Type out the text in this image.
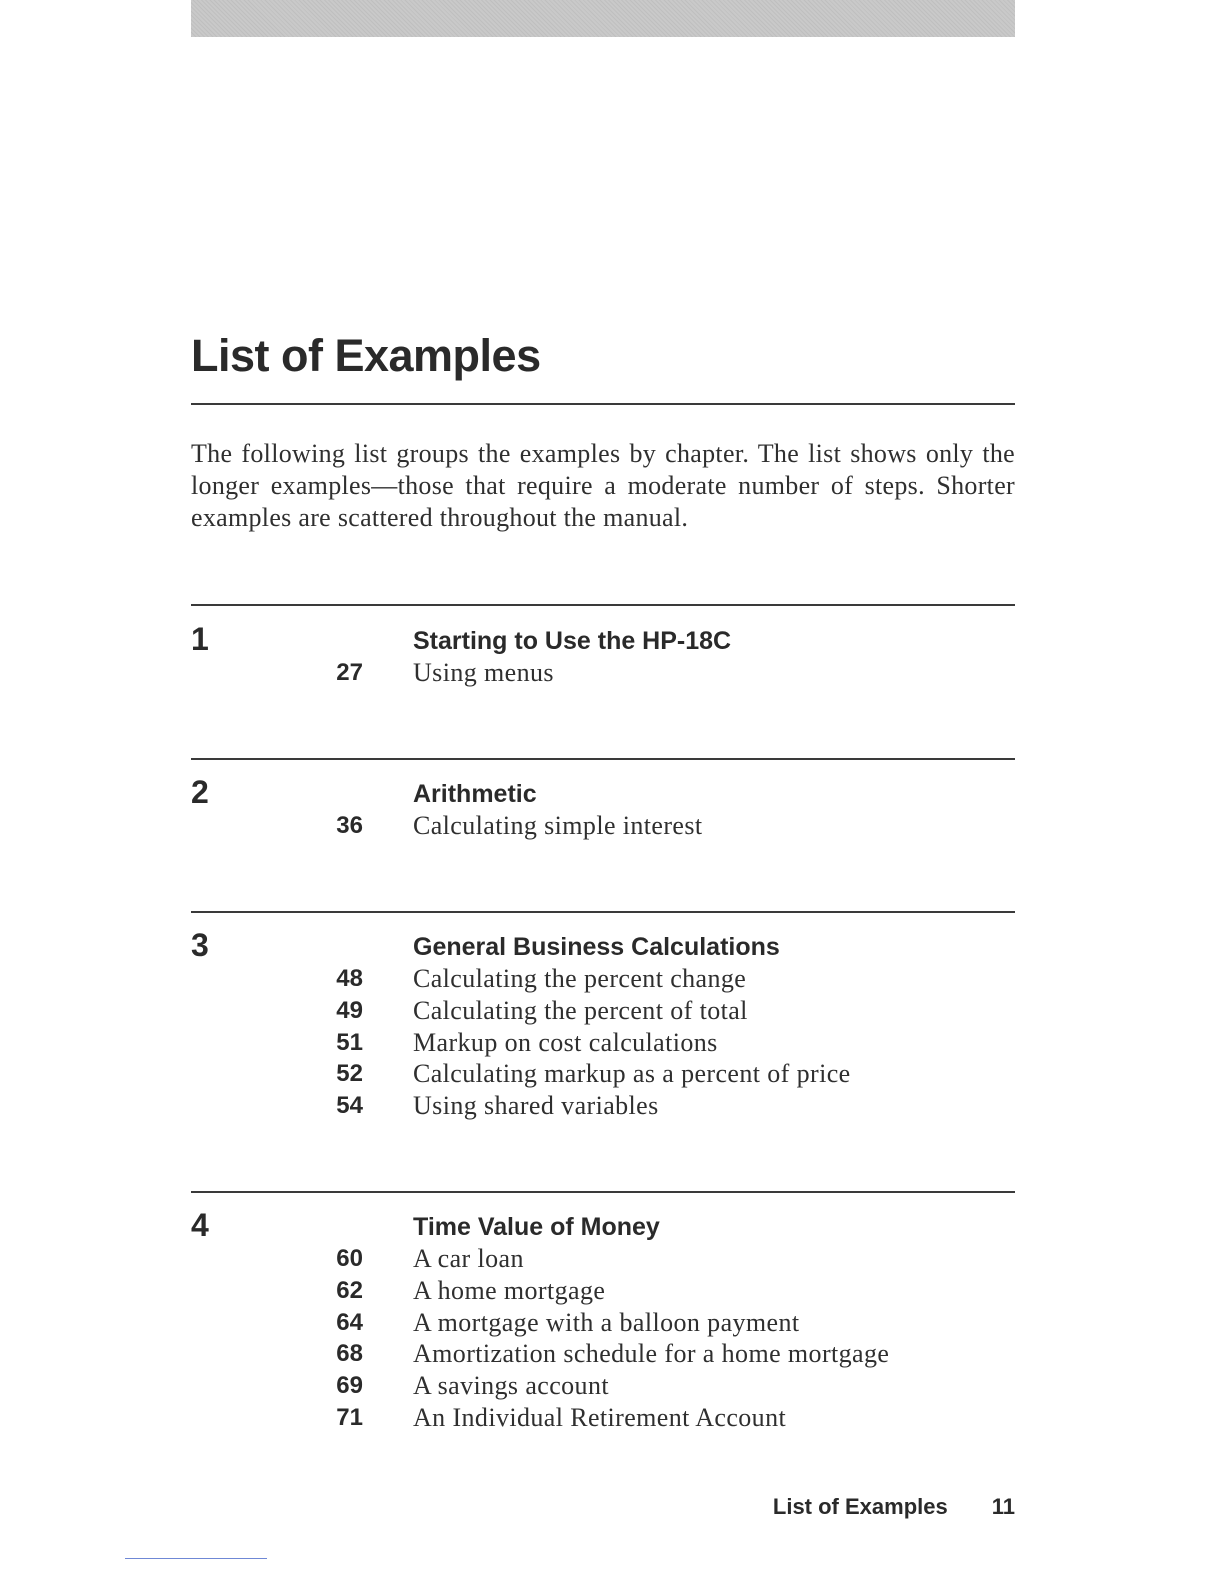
List of Examples

The following list groups the examples by chapter. The list shows only the longer examples—those that require a moderate number of steps. Shorter examples are scattered throughout the manual.

1	Starting to Use the HP-18C
27 Using menus
2	Arithmetic
36 Calculating simple interest
3	General Business Calculations
48 Calculating the percent change
49 Calculating the percent of total
51 Markup on cost calculations
52 Calculating markup as a percent of price
54 Using shared variables
4	Time Value of Money
60 A car loan
62 A home mortgage
64 A mortgage with a balloon payment
68 Amortization schedule for a home mortgage
69 A savings account
71 An Individual Retirement Account
List of Examples 11
